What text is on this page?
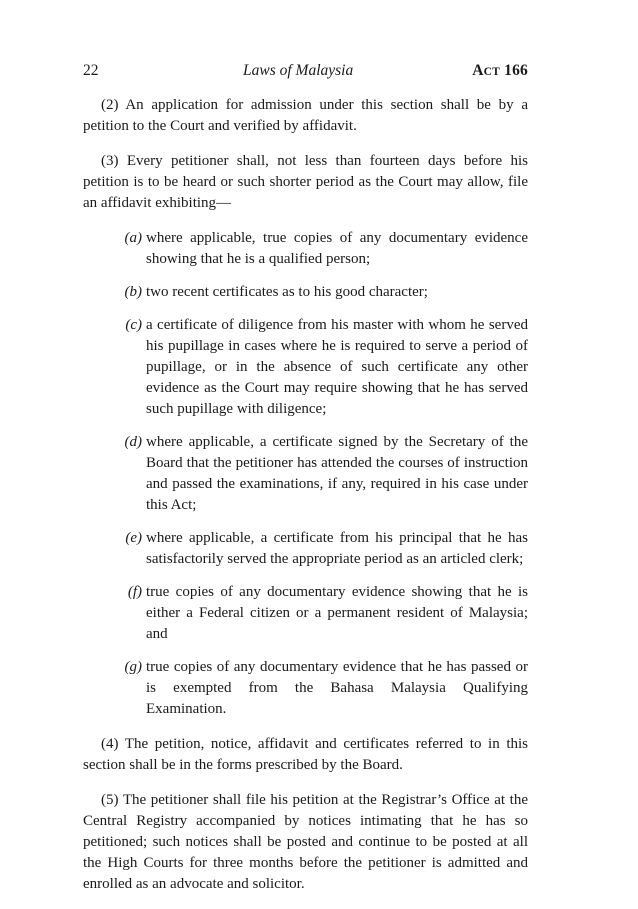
22	Laws of Malaysia	ACT 166

(2) An application for admission under this section shall be by a petition to the Court and verified by affidavit.

(3) Every petitioner shall, not less than fourteen days before his petition is to be heard or such shorter period as the Court may allow, file an affidavit exhibiting—

(a) where applicable, true copies of any documentary evidence showing that he is a qualified person;
(b) two recent certificates as to his good character;
(c) a certificate of diligence from his master with whom he served his pupillage in cases where he is required to serve a period of pupillage, or in the absence of such certificate any other evidence as the Court may require showing that he has served such pupillage with diligence;
(d) where applicable, a certificate signed by the Secretary of the Board that the petitioner has attended the courses of instruction and passed the examinations, if any, required in his case under this Act;
(e) where applicable, a certificate from his principal that he has satisfactorily served the appropriate period as an articled clerk;
(f) true copies of any documentary evidence showing that he is either a Federal citizen or a permanent resident of Malaysia; and
(g) true copies of any documentary evidence that he has passed or is exempted from the Bahasa Malaysia Qualifying Examination.

(4) The petition, notice, affidavit and certificates referred to in this section shall be in the forms prescribed by the Board.

(5) The petitioner shall file his petition at the Registrar’s Office at the Central Registry accompanied by notices intimating that he has so petitioned; such notices shall be posted and continue to be posted at all the High Courts for three months before the petitioner is admitted and enrolled as an advocate and solicitor.
